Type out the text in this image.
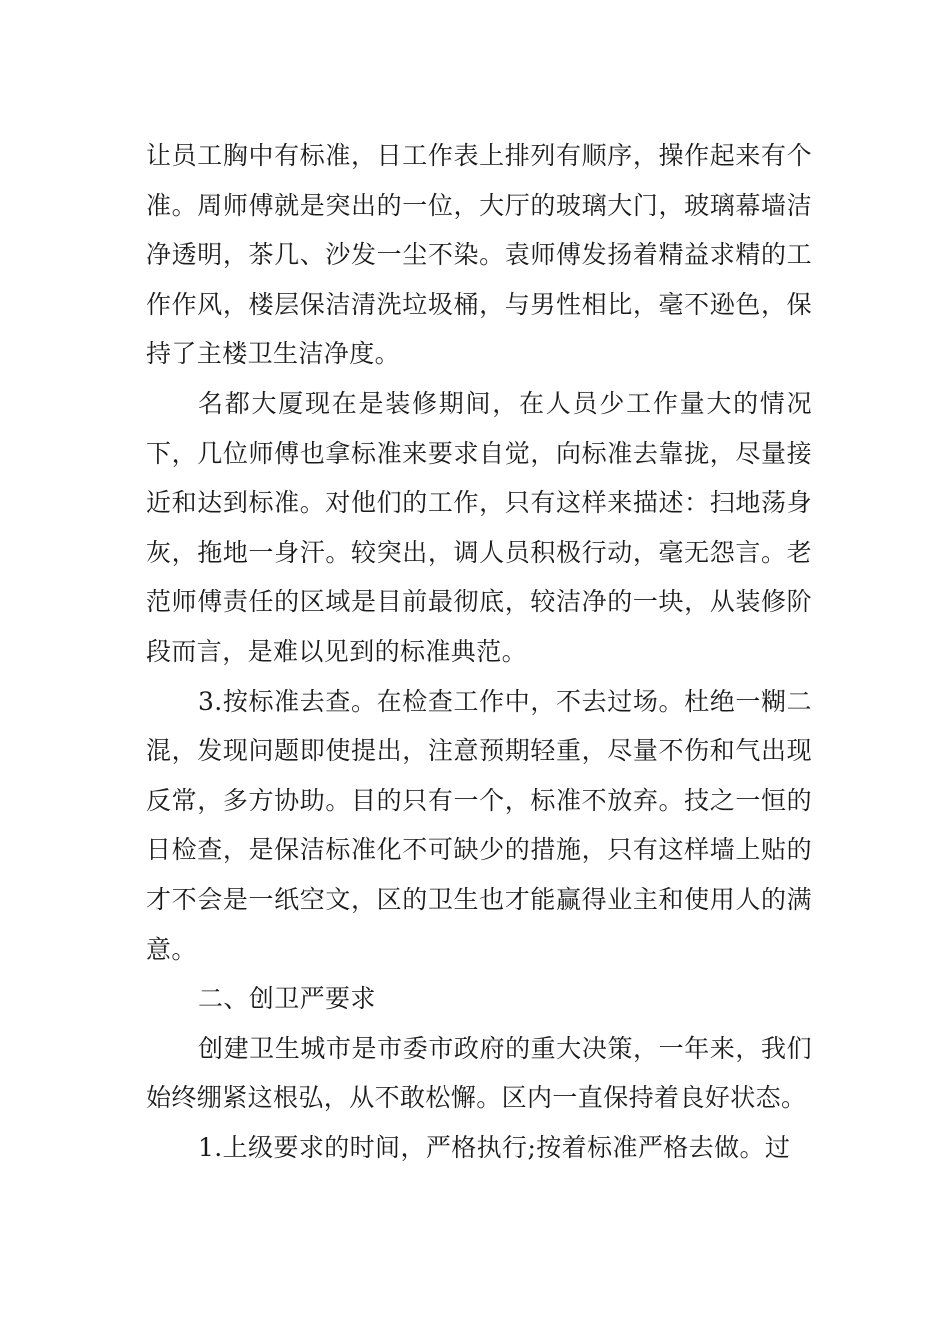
让员工胸中有标准，日工作表上排列有顺序，操作起来有个准。周师傅就是突出的一位，大厅的玻璃大门，玻璃幕墙洁净透明，茶几、沙发一尘不染。袁师傅发扬着精益求精的工作作风，楼层保洁清洗垃圾桶，与男性相比，毫不逊色，保持了主楼卫生洁净度。

名都大厦现在是装修期间，在人员少工作量大的情况下，几位师傅也拿标准来要求自觉，向标准去靠拢，尽量接近和达到标准。对他们的工作，只有这样来描述：扫地荡身灰，拖地一身汗。较突出，调人员积极行动，毫无怨言。老范师傅责任的区域是目前最彻底，较洁净的一块，从装修阶段而言，是难以见到的标准典范。

3.按标准去查。在检查工作中，不去过场。杜绝一糊二混，发现问题即使提出，注意预期轻重，尽量不伤和气出现反常，多方协助。目的只有一个，标准不放弃。技之一恒的日检查，是保洁标准化不可缺少的措施，只有这样墙上贴的才不会是一纸空文，区的卫生也才能赢得业主和使用人的满意。

二、创卫严要求

创建卫生城市是市委市政府的重大决策，一年来，我们始终绷紧这根弘，从不敢松懈。区内一直保持着良好状态。

1.上级要求的时间，严格执行;按着标准严格去做。过
